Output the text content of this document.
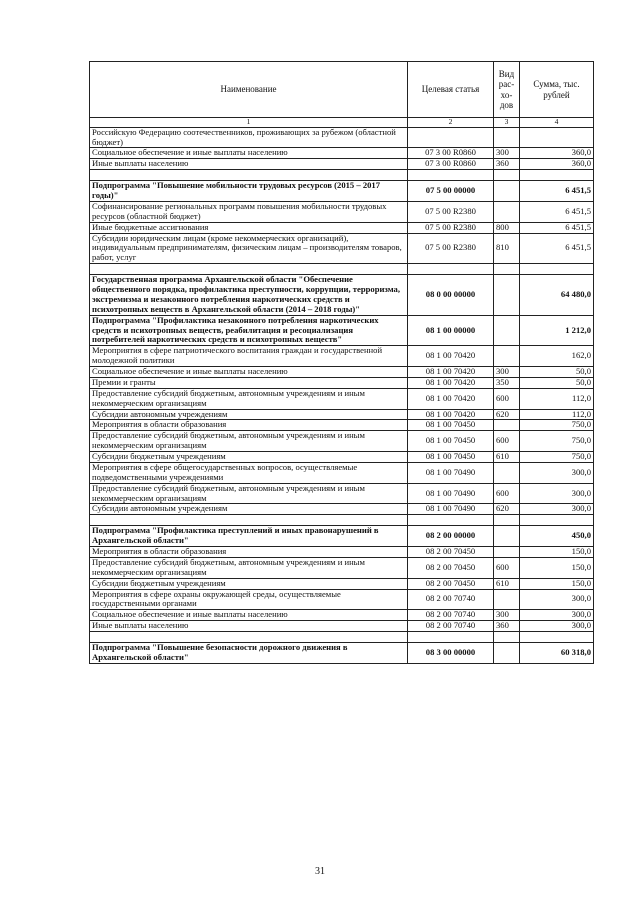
Наименование	Целевая статья	Вид рас-хо-дов	Сумма, тыс. рублей
1	2	3	4
Российскую Федерацию соотечественников, проживающих за рубежом (областной бюджет)			
Социальное обеспечение и иные выплаты населению	07 3 00 R0860	300	360,0
Иные выплаты населению	07 3 00 R0860	360	360,0

Подпрограмма "Повышение мобильности трудовых ресурсов (2015 – 2017 годы)"	07 5 00 00000		6 451,5
Софинансирование региональных программ повышения мобильности трудовых ресурсов (областной бюджет)	07 5 00 R2380		6 451,5
Иные бюджетные ассигнования	07 5 00 R2380	800	6 451,5
Субсидии юридическим лицам (кроме некоммерческих организаций), индивидуальным предпринимателям, физическим лицам – производителям товаров, работ, услуг	07 5 00 R2380	810	6 451,5

Государственная программа Архангельской области "Обеспечение общественного порядка, профилактика преступности, коррупции, терроризма, экстремизма и незаконного потребления наркотических средств и психотропных веществ в Архангельской области (2014 – 2018 годы)"	08 0 00 00000		64 480,0
Подпрограмма "Профилактика незаконного потребления наркотических средств и психотропных веществ, реабилитация и ресоциализация потребителей наркотических средств и психотропных веществ"	08 1 00 00000		1 212,0
Мероприятия в сфере патриотического воспитания граждан и государственной молодежной политики	08 1 00 70420		162,0
Социальное обеспечение и иные выплаты населению	08 1 00 70420	300	50,0
Премии и гранты	08 1 00 70420	350	50,0
Предоставление субсидий бюджетным, автономным учреждениям и иным некоммерческим организациям	08 1 00 70420	600	112,0
Субсидии автономным учреждениям	08 1 00 70420	620	112,0
Мероприятия в области образования	08 1 00 70450		750,0
Предоставление субсидий бюджетным, автономным учреждениям и иным некоммерческим организациям	08 1 00 70450	600	750,0
Субсидии бюджетным учреждениям	08 1 00 70450	610	750,0
Мероприятия в сфере общегосударственных вопросов, осуществляемые подведомственными учреждениями	08 1 00 70490		300,0
Предоставление субсидий бюджетным, автономным учреждениям и иным некоммерческим организациям	08 1 00 70490	600	300,0
Субсидии автономным учреждениям	08 1 00 70490	620	300,0

Подпрограмма "Профилактика преступлений и иных правонарушений в Архангельской области"	08 2 00 00000		450,0
Мероприятия в области образования	08 2 00 70450		150,0
Предоставление субсидий бюджетным, автономным учреждениям и иным некоммерческим организациям	08 2 00 70450	600	150,0
Субсидии бюджетным учреждениям	08 2 00 70450	610	150,0
Мероприятия в сфере охраны окружающей среды, осуществляемые государственными органами	08 2 00 70740		300,0
Социальное обеспечение и иные выплаты населению	08 2 00 70740	300	300,0
Иные выплаты населению	08 2 00 70740	360	300,0

Подпрограмма "Повышение безопасности дорожного движения в Архангельской области"	08 3 00 00000		60 318,0
31
